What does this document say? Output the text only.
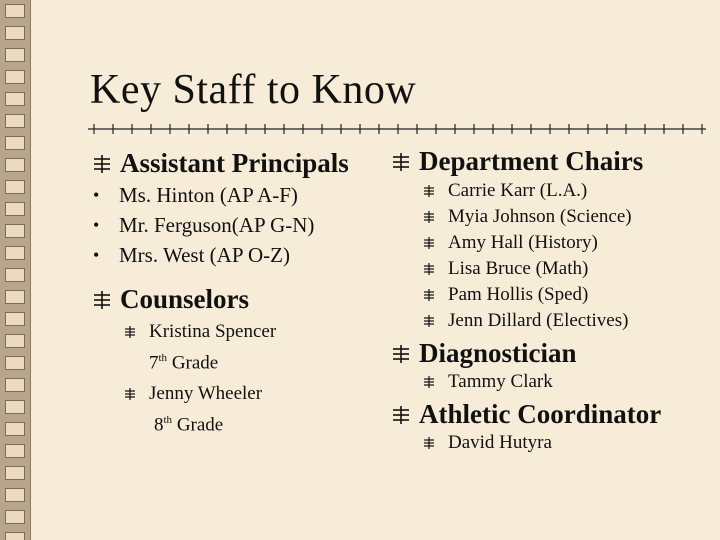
Key Staff to Know
Assistant Principals
• Ms. Hinton (AP A-F)
• Mr. Ferguson(AP G-N)
• Mrs. West (AP O-Z)
Counselors
Kristina Spencer
7th Grade
Jenny Wheeler
8th Grade
Department Chairs
Carrie Karr (L.A.)
Myia Johnson (Science)
Amy Hall (History)
Lisa Bruce (Math)
Pam Hollis (Sped)
Jenn Dillard (Electives)
Diagnostician
Tammy Clark
Athletic Coordinator
David Hutyra
